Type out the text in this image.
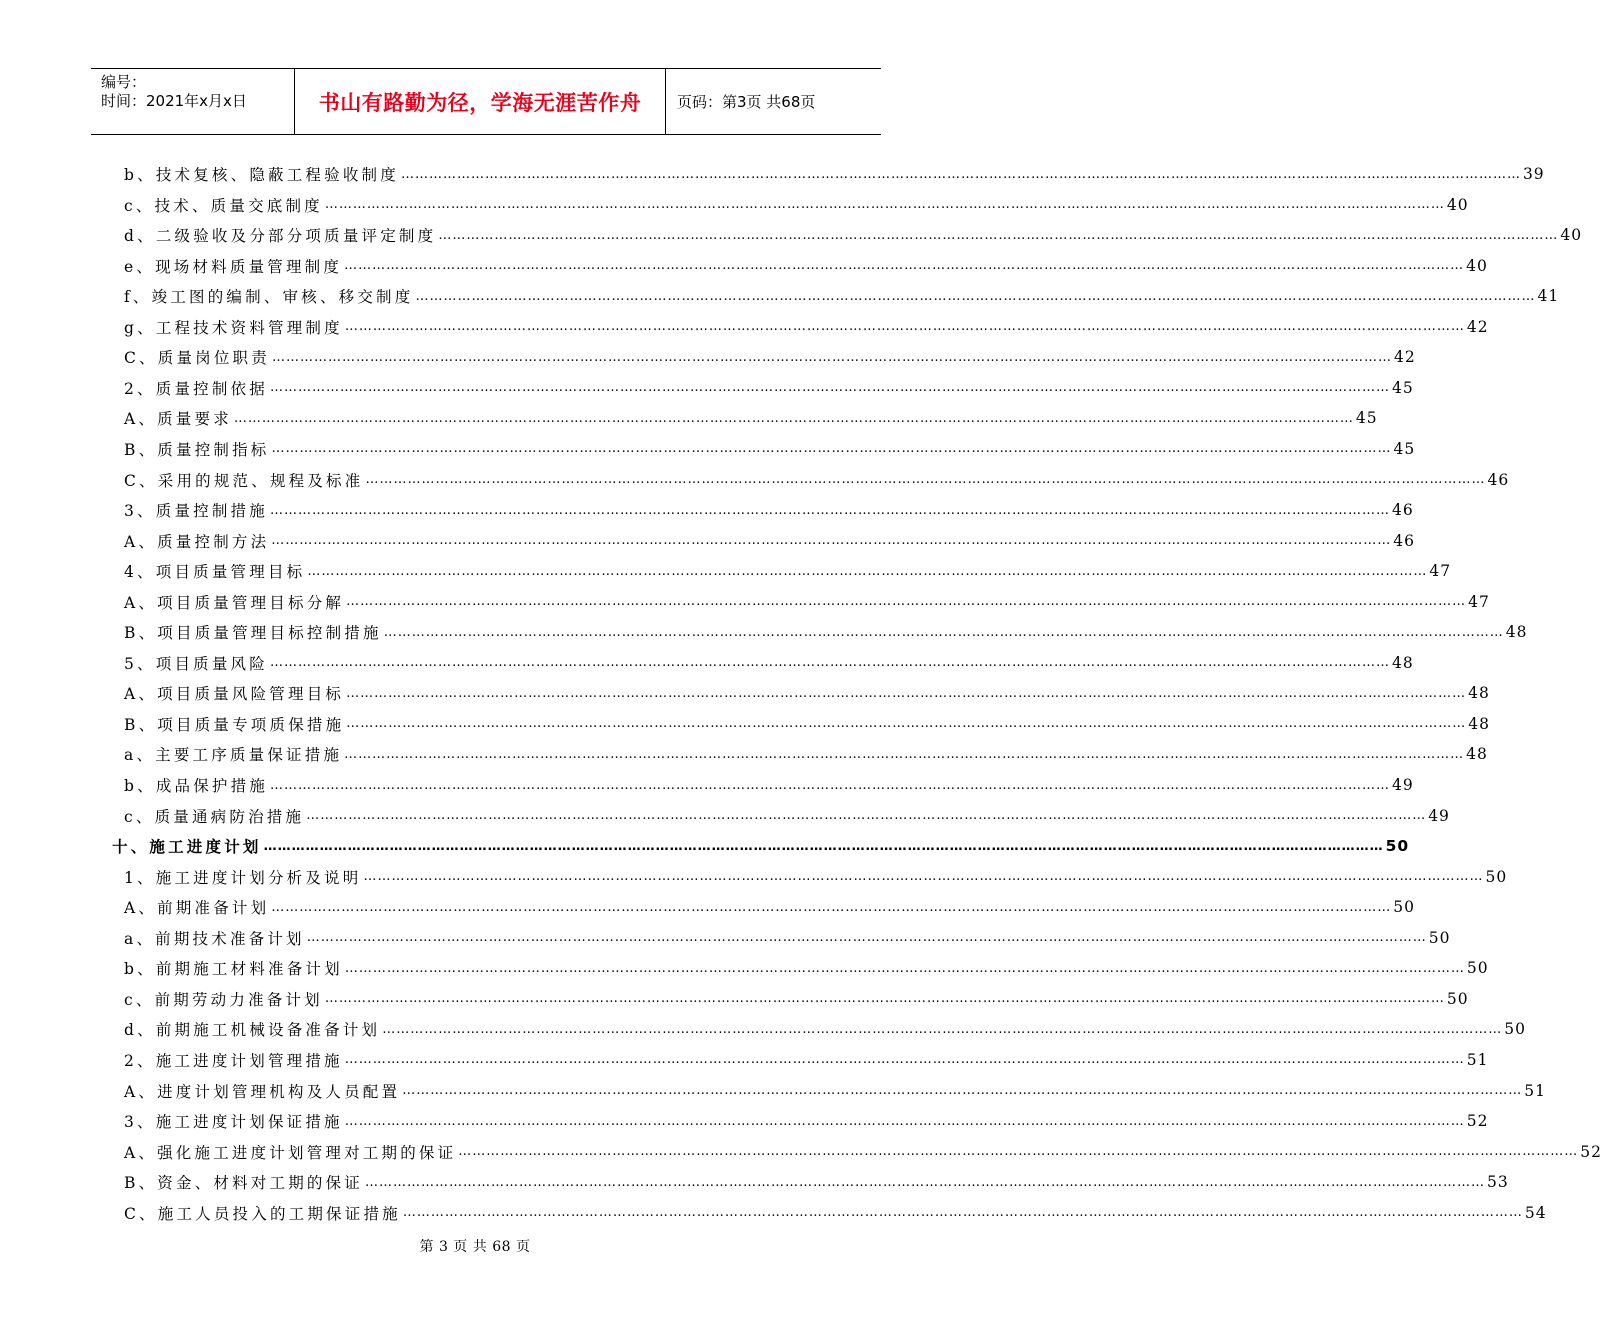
编号：
时间：2021年x月x日	书山有路勤为径，学海无涯苦作舟	页码：第3页 共68页
b、技术复核、隐蔽工程验收制度 …………………………………………………………………………………………………………………………………………………………………………………………………………………… 39
c、技术、质量交底制度 …………………………………………………………………………………………………………………………………………………………………………………………………………………… 40
d、二级验收及分部分项质量评定制度 …………………………………………………………………………………………………………………………………………………………………………………………………………………… 40
e、现场材料质量管理制度 …………………………………………………………………………………………………………………………………………………………………………………………………………………… 40
f、竣工图的编制、审核、移交制度 …………………………………………………………………………………………………………………………………………………………………………………………………………………… 41
g、工程技术资料管理制度 …………………………………………………………………………………………………………………………………………………………………………………………………………………… 42
C、质量岗位职责 …………………………………………………………………………………………………………………………………………………………………………………………………………………… 42
2、质量控制依据 …………………………………………………………………………………………………………………………………………………………………………………………………………………… 45
A、质量要求 …………………………………………………………………………………………………………………………………………………………………………………………………………………… 45
B、质量控制指标 …………………………………………………………………………………………………………………………………………………………………………………………………………………… 45
C、采用的规范、规程及标准 …………………………………………………………………………………………………………………………………………………………………………………………………………………… 46
3、质量控制措施 …………………………………………………………………………………………………………………………………………………………………………………………………………………… 46
A、质量控制方法 …………………………………………………………………………………………………………………………………………………………………………………………………………………… 46
4、项目质量管理目标 …………………………………………………………………………………………………………………………………………………………………………………………………………………… 47
A、项目质量管理目标分解 …………………………………………………………………………………………………………………………………………………………………………………………………………………… 47
B、项目质量管理目标控制措施 …………………………………………………………………………………………………………………………………………………………………………………………………………………… 48
5、项目质量风险 …………………………………………………………………………………………………………………………………………………………………………………………………………………… 48
A、项目质量风险管理目标 …………………………………………………………………………………………………………………………………………………………………………………………………………………… 48
B、项目质量专项质保措施 …………………………………………………………………………………………………………………………………………………………………………………………………………………… 48
a、主要工序质量保证措施 …………………………………………………………………………………………………………………………………………………………………………………………………………………… 48
b、成品保护措施 …………………………………………………………………………………………………………………………………………………………………………………………………………………… 49
c、质量通病防治措施 …………………………………………………………………………………………………………………………………………………………………………………………………………………… 49
十、施工进度计划 …………………………………………………………………………………………………………………………………………………………………………………………………………………… 50
1、施工进度计划分析及说明 …………………………………………………………………………………………………………………………………………………………………………………………………………………… 50
A、前期准备计划 …………………………………………………………………………………………………………………………………………………………………………………………………………………… 50
a、前期技术准备计划 …………………………………………………………………………………………………………………………………………………………………………………………………………………… 50
b、前期施工材料准备计划 …………………………………………………………………………………………………………………………………………………………………………………………………………………… 50
c、前期劳动力准备计划 …………………………………………………………………………………………………………………………………………………………………………………………………………………… 50
d、前期施工机械设备准备计划 …………………………………………………………………………………………………………………………………………………………………………………………………………………… 50
2、施工进度计划管理措施 …………………………………………………………………………………………………………………………………………………………………………………………………………………… 51
A、进度计划管理机构及人员配置 …………………………………………………………………………………………………………………………………………………………………………………………………………………… 51
3、施工进度计划保证措施 …………………………………………………………………………………………………………………………………………………………………………………………………………………… 52
A、强化施工进度计划管理对工期的保证 …………………………………………………………………………………………………………………………………………………………………………………………………………………… 52
B、资金、材料对工期的保证 …………………………………………………………………………………………………………………………………………………………………………………………………………………… 53
C、施工人员投入的工期保证措施 …………………………………………………………………………………………………………………………………………………………………………………………………………………… 54
第 3 页 共 68 页
